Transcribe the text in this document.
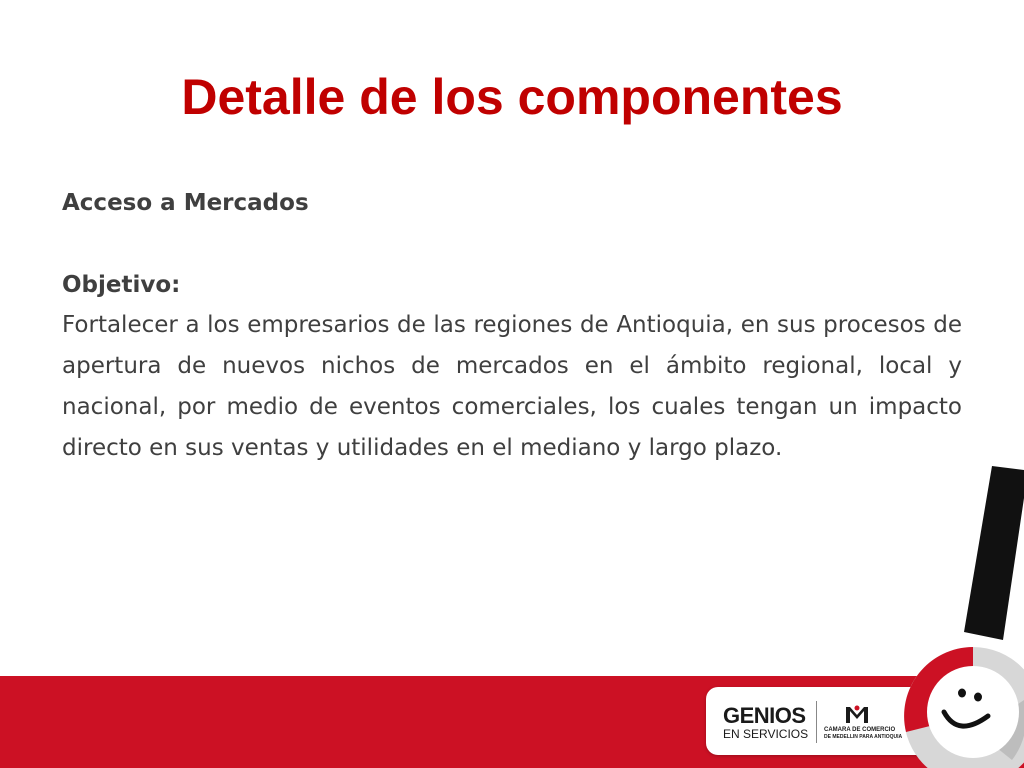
Detalle de los componentes

Acceso a Mercados

Objetivo:

Fortalecer a los empresarios de las regiones de Antioquia, en sus procesos de apertura de nuevos nichos de mercados en el ámbito regional, local y nacional, por medio de eventos comerciales, los cuales tengan un impacto directo en sus ventas y utilidades en el mediano y largo plazo.

GENIOS
EN SERVICIOS	CAMARA DE COMERCIO
DE MEDELLIN PARA ANTIOQUIA
